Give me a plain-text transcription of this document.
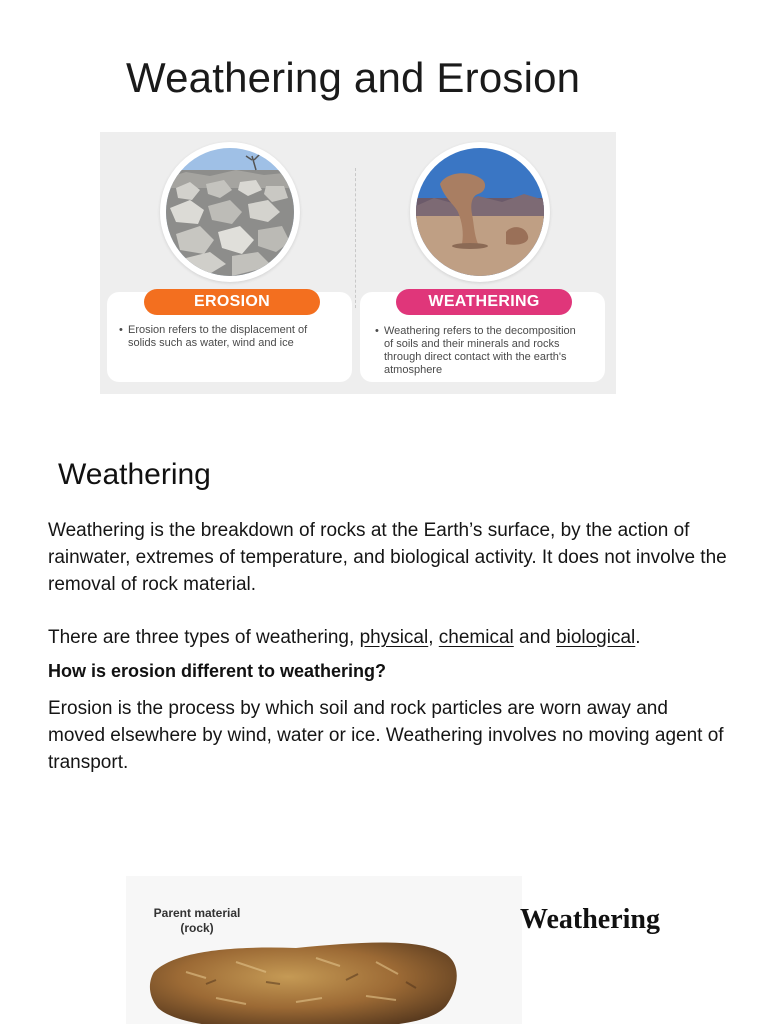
Weathering and Erosion
EROSION	WEATHERING
• Erosion refers to the displacement of
solids such as water, wind and ice
• Weathering refers to the decomposition
of soils and their minerals and rocks
through direct contact with the earth's
atmosphere
Weathering
Weathering is the breakdown of rocks at the Earth’s surface, by the action of rainwater, extremes of temperature, and biological activity. It does not involve the removal of rock material.
There are three types of weathering, physical, chemical and biological.
How is erosion different to weathering?
Erosion is the process by which soil and rock particles are worn away and moved elsewhere by wind, water or ice. Weathering involves no moving agent of transport.
Parent material
(rock)	Weathering
